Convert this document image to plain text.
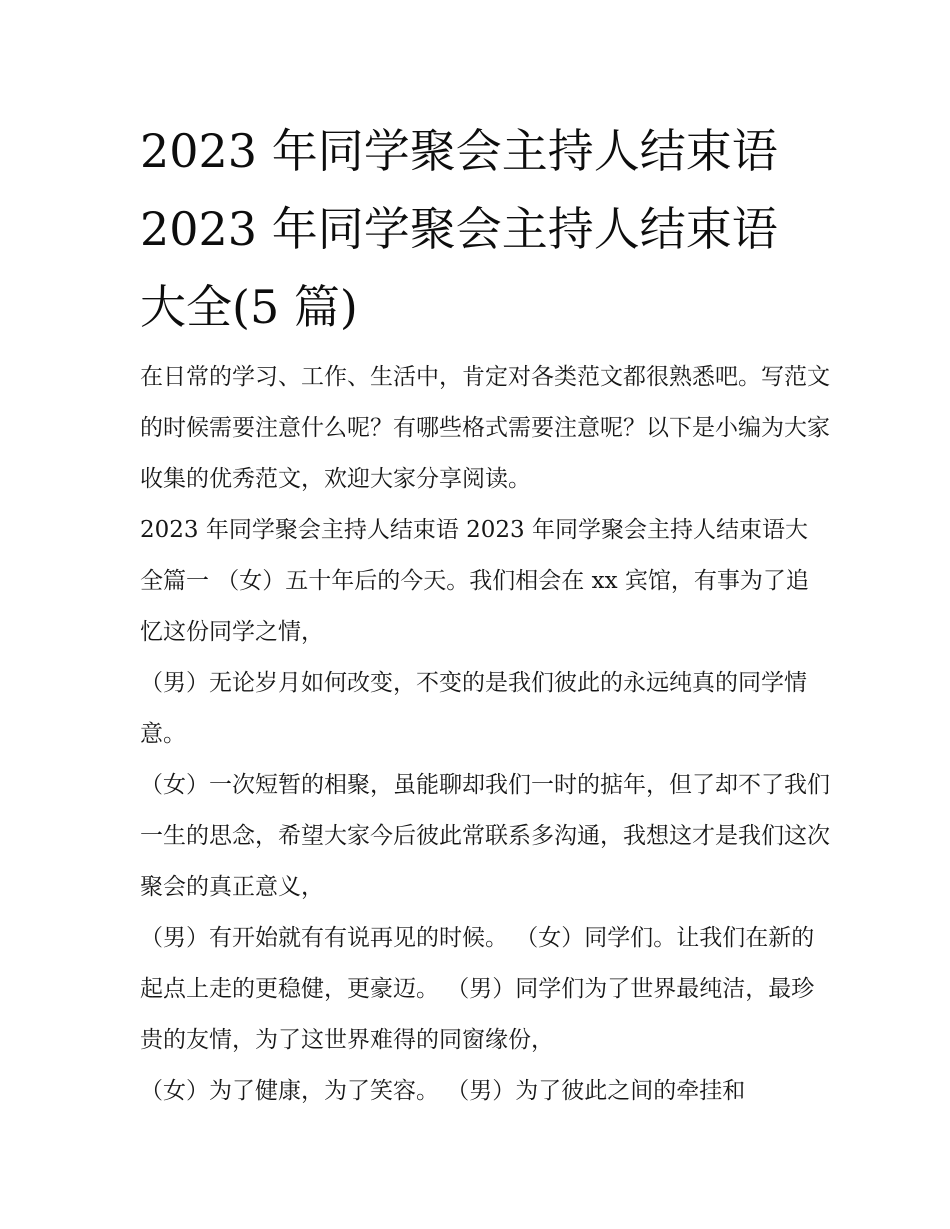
2023 年同学聚会主持人结束语
2023 年同学聚会主持人结束语
大全(5 篇)

在日常的学习、工作、生活中，肯定对各类范文都很熟悉吧。写范文的时候需要注意什么呢？有哪些格式需要注意呢？以下是小编为大家收集的优秀范文，欢迎大家分享阅读。

2023 年同学聚会主持人结束语 2023 年同学聚会主持人结束语大全篇一 （女）五十年后的今天。我们相会在 xx 宾馆，有事为了追忆这份同学之情，

（男）无论岁月如何改变，不变的是我们彼此的永远纯真的同学情意。

（女）一次短暂的相聚，虽能聊却我们一时的掂年，但了却不了我们一生的思念，希望大家今后彼此常联系多沟通，我想这才是我们这次聚会的真正意义，

（男）有开始就有有说再见的时候。 （女）同学们。让我们在新的起点上走的更稳健，更豪迈。 （男）同学们为了世界最纯洁，最珍贵的友情，为了这世界难得的同窗缘份，

（女）为了健康，为了笑容。 （男）为了彼此之间的牵挂和
